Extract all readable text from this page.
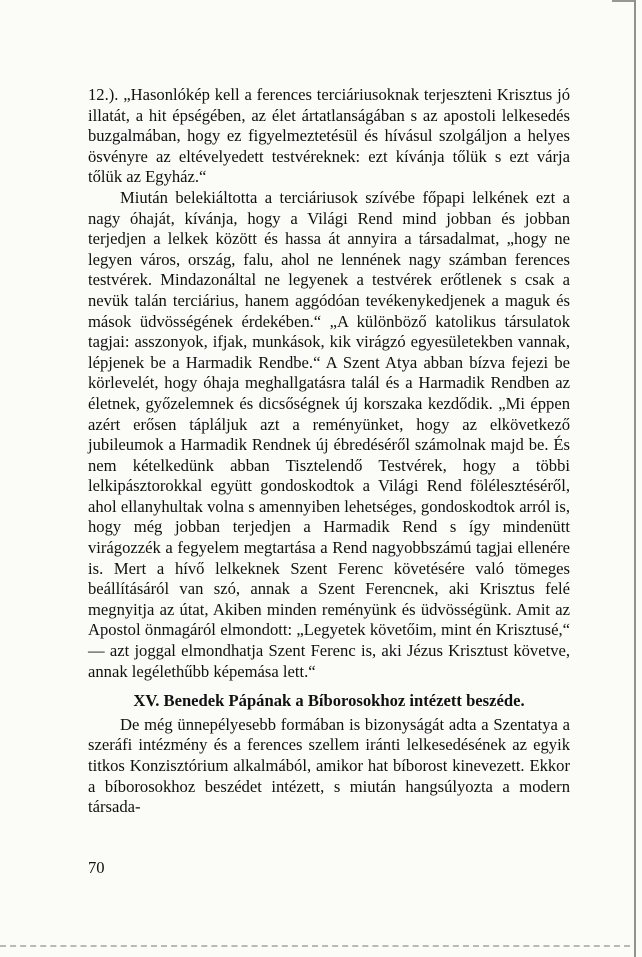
12.). „Hasonlókép kell a ferences terciáriusoknak terjeszteni Krisztus jó illatát, a hit épségében, az élet ártatlanságában s az apostoli lelkesedés buzgalmában, hogy ez figyelmeztetésül és hívásul szolgáljon a helyes ösvényre az eltévelyedett testvéreknek: ezt kívánja tőlük s ezt várja tőlük az Egyház.“

Miután belekiáltotta a terciáriusok szívébe főpapi lelkének ezt a nagy óhaját, kívánja, hogy a Világi Rend mind jobban és jobban terjedjen a lelkek között és hassa át annyira a társadalmat, „hogy ne legyen város, ország, falu, ahol ne lennének nagy számban ferences testvérek. Mindazonáltal ne legyenek a testvérek erőtlenek s csak a nevük talán terciárius, hanem aggódóan tevékenykedjenek a maguk és mások üdvösségének érdekében.“ „A különböző katolikus társulatok tagjai: asszonyok, ifjak, munkások, kik virágzó egyesületekben vannak, lépjenek be a Harmadik Rendbe.“ A Szent Atya abban bízva fejezi be körlevelét, hogy óhaja meghallgatásra talál és a Harmadik Rendben az életnek, győzelemnek és dicsőségnek új korszaka kezdődik. „Mi éppen azért erősen tápláljuk azt a reményünket, hogy az elkövetkező jubileumok a Harmadik Rendnek új ébredéséről számolnak majd be. És nem kételkedünk abban Tisztelendő Testvérek, hogy a többi lelkipásztorokkal együtt gondoskodtok a Világi Rend fölélesztéséről, ahol ellanyhultak volna s amennyiben lehetséges, gondoskodtok arról is, hogy még jobban terjedjen a Harmadik Rend s így mindenütt virágozzék a fegyelem megtartása a Rend nagyobbszámú tagjai ellenére is. Mert a hívő lelkeknek Szent Ferenc követésére való tömeges beállításáról van szó, annak a Szent Ferencnek, aki Krisztus felé megnyitja az útat, Akiben minden reményünk és üdvösségünk. Amit az Apostol önmagáról elmondott: „Legyetek követőim, mint én Krisztusé,“ — azt joggal elmondhatja Szent Ferenc is, aki Jézus Krisztust követve, annak legélethűbb képemása lett.“

XV. Benedek Pápának a Bíborosokhoz intézett beszéde.

De még ünnepélyesebb formában is bizonyságát adta a Szentatya a szeráfi intézmény és a ferences szellem iránti lelkesedésének az egyik titkos Konzisztórium alkalmából, amikor hat bíborost kinevezett. Ekkor a bíborosokhoz beszédet intézett, s miután hangsúlyozta a modern társada-

70
